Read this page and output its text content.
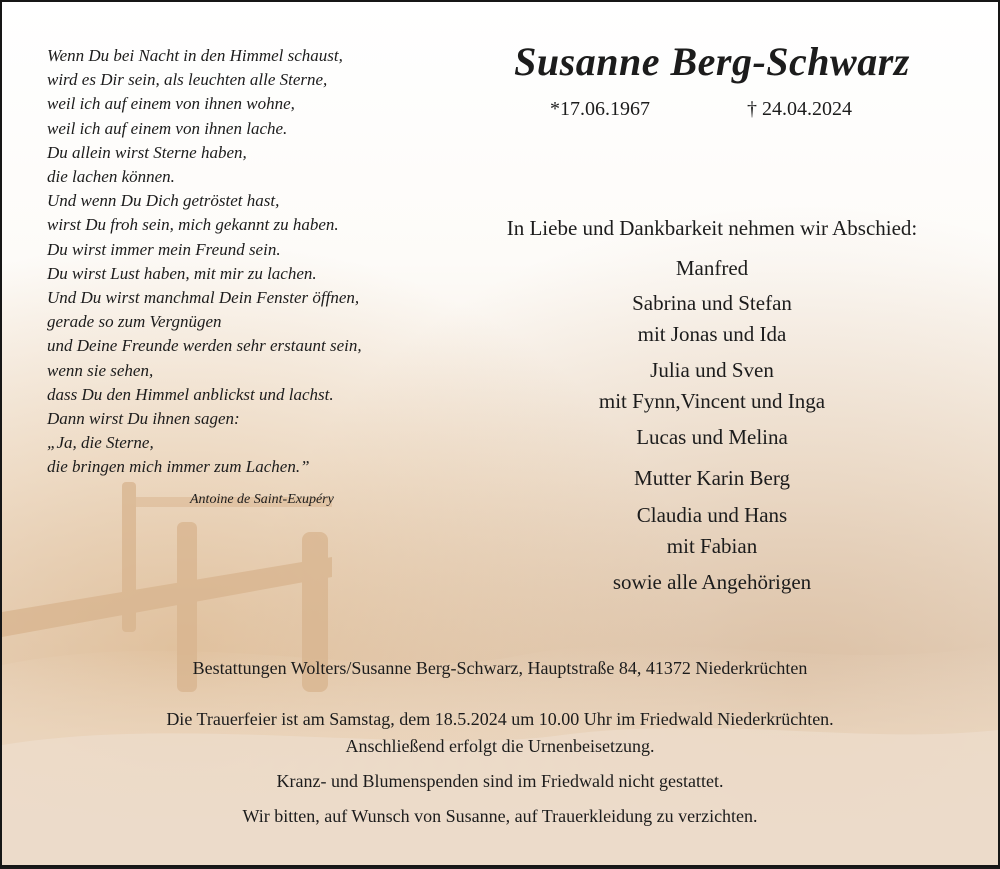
Wenn Du bei Nacht in den Himmel schaust,
wird es Dir sein, als leuchten alle Sterne,
weil ich auf einem von ihnen wohne,
weil ich auf einem von ihnen lache.
Du allein wirst Sterne haben,
die lachen können.
Und wenn Du Dich getröstet hast,
wirst Du froh sein, mich gekannt zu haben.
Du wirst immer mein Freund sein.
Du wirst Lust haben, mit mir zu lachen.
Und Du wirst manchmal Dein Fenster öffnen,
gerade so zum Vergnügen
und Deine Freunde werden sehr erstaunt sein,
wenn sie sehen,
dass Du den Himmel anblickst und lachst.
Dann wirst Du ihnen sagen:
„Ja, die Sterne,
die bringen mich immer zum Lachen.”
Antoine de Saint-Exupéry
Susanne Berg-Schwarz
*17.06.1967	† 24.04.2024
In Liebe und Dankbarkeit nehmen wir Abschied:
Manfred
Sabrina und Stefan
mit Jonas und Ida
Julia und Sven
mit Fynn,Vincent und Inga
Lucas und Melina
Mutter Karin Berg
Claudia und Hans
mit Fabian
sowie alle Angehörigen
Bestattungen Wolters/Susanne Berg-Schwarz, Hauptstraße 84, 41372 Niederkrüchten
Die Trauerfeier ist am Samstag, dem 18.5.2024 um 10.00 Uhr im Friedwald Niederkrüchten.
Anschließend erfolgt die Urnenbeisetzung.
Kranz- und Blumenspenden sind im Friedwald nicht gestattet.
Wir bitten, auf Wunsch von Susanne, auf Trauerkleidung zu verzichten.
